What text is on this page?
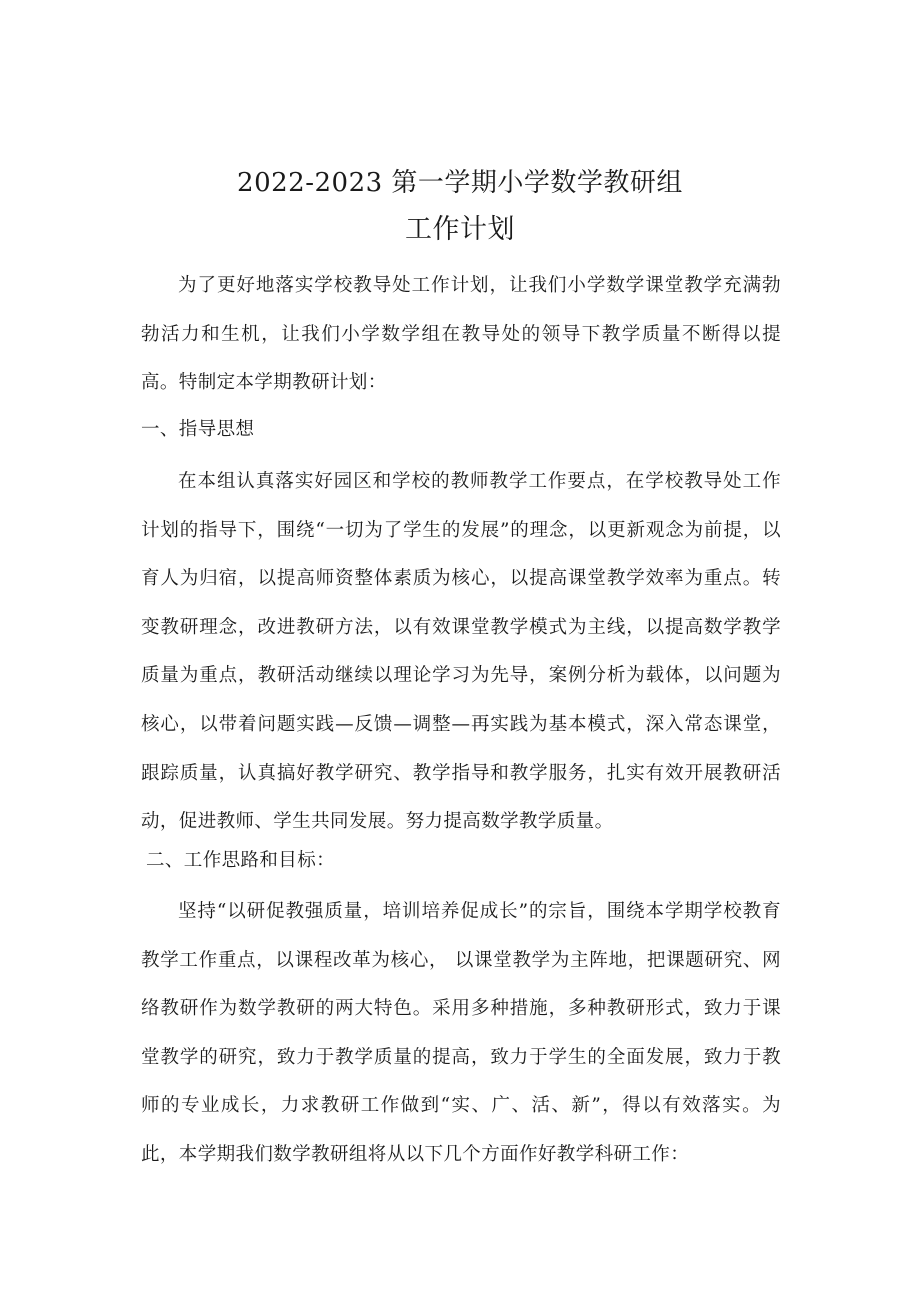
2022-2023 第一学期小学数学教研组
工作计划

为了更好地落实学校教导处工作计划，让我们小学数学课堂教学充满勃勃活力和生机，让我们小学数学组在教导处的领导下教学质量不断得以提高。特制定本学期教研计划：

一、指导思想

在本组认真落实好园区和学校的教师教学工作要点，在学校教导处工作计划的指导下，围绕“一切为了学生的发展”的理念，以更新观念为前提，以育人为归宿，以提高师资整体素质为核心，以提高课堂教学效率为重点。转变教研理念，改进教研方法，以有效课堂教学模式为主线，以提高数学教学质量为重点，教研活动继续以理论学习为先导，案例分析为载体，以问题为核心，以带着问题实践—反馈—调整—再实践为基本模式，深入常态课堂，跟踪质量，认真搞好教学研究、教学指导和教学服务，扎实有效开展教研活动，促进教师、学生共同发展。努力提高数学教学质量。

二、工作思路和目标：

坚持“以研促教强质量，培训培养促成长”的宗旨，围绕本学期学校教育教学工作重点，以课程改革为核心， 以课堂教学为主阵地，把课题研究、网络教研作为数学教研的两大特色。采用多种措施，多种教研形式，致力于课堂教学的研究，致力于教学质量的提高，致力于学生的全面发展，致力于教师的专业成长，力求教研工作做到“实、广、活、新”，得以有效落实。为此，本学期我们数学教研组将从以下几个方面作好教学科研工作：
